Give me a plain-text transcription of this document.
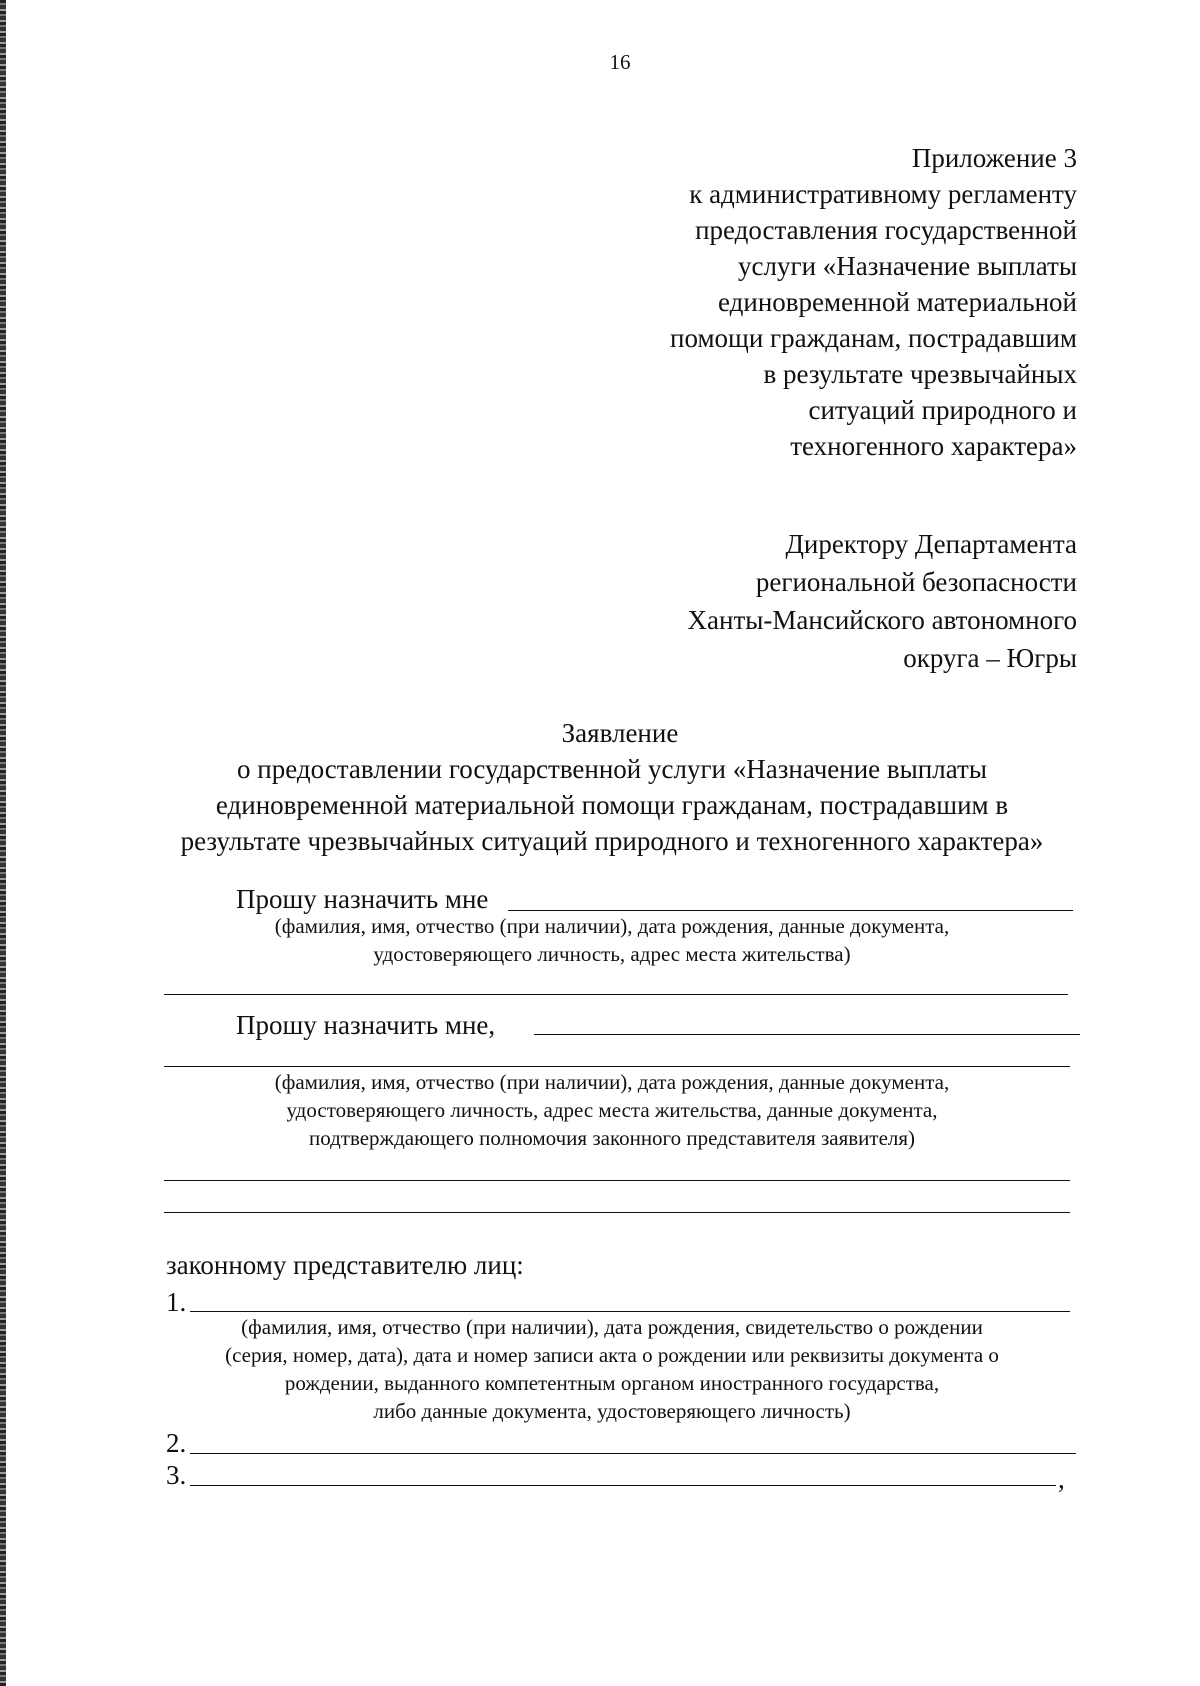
16
Приложение 3
к административному регламенту
предоставления государственной
услуги «Назначение выплаты
единовременной материальной
помощи гражданам, пострадавшим
в результате чрезвычайных
ситуаций природного и
техногенного характера»
Директору Департамента
региональной безопасности
Ханты-Мансийского автономного
округа – Югры
Заявление
о предоставлении государственной услуги «Назначение выплаты
единовременной материальной помощи гражданам, пострадавшим в
результате чрезвычайных ситуаций природного и техногенного характера»
Прошу назначить мне
(фамилия, имя, отчество (при наличии), дата рождения, данные документа,
удостоверяющего личность, адрес места жительства)
Прошу назначить мне,
(фамилия, имя, отчество (при наличии), дата рождения, данные документа,
удостоверяющего личность, адрес места жительства, данные документа,
подтверждающего полномочия законного представителя заявителя)
законному представителю лиц:
1.
(фамилия, имя, отчество (при наличии), дата рождения, свидетельство о рождении
(серия, номер, дата), дата и номер записи акта о рождении или реквизиты документа о
рождении, выданного компетентным органом иностранного государства,
либо данные документа, удостоверяющего личность)
2.
3.	,
